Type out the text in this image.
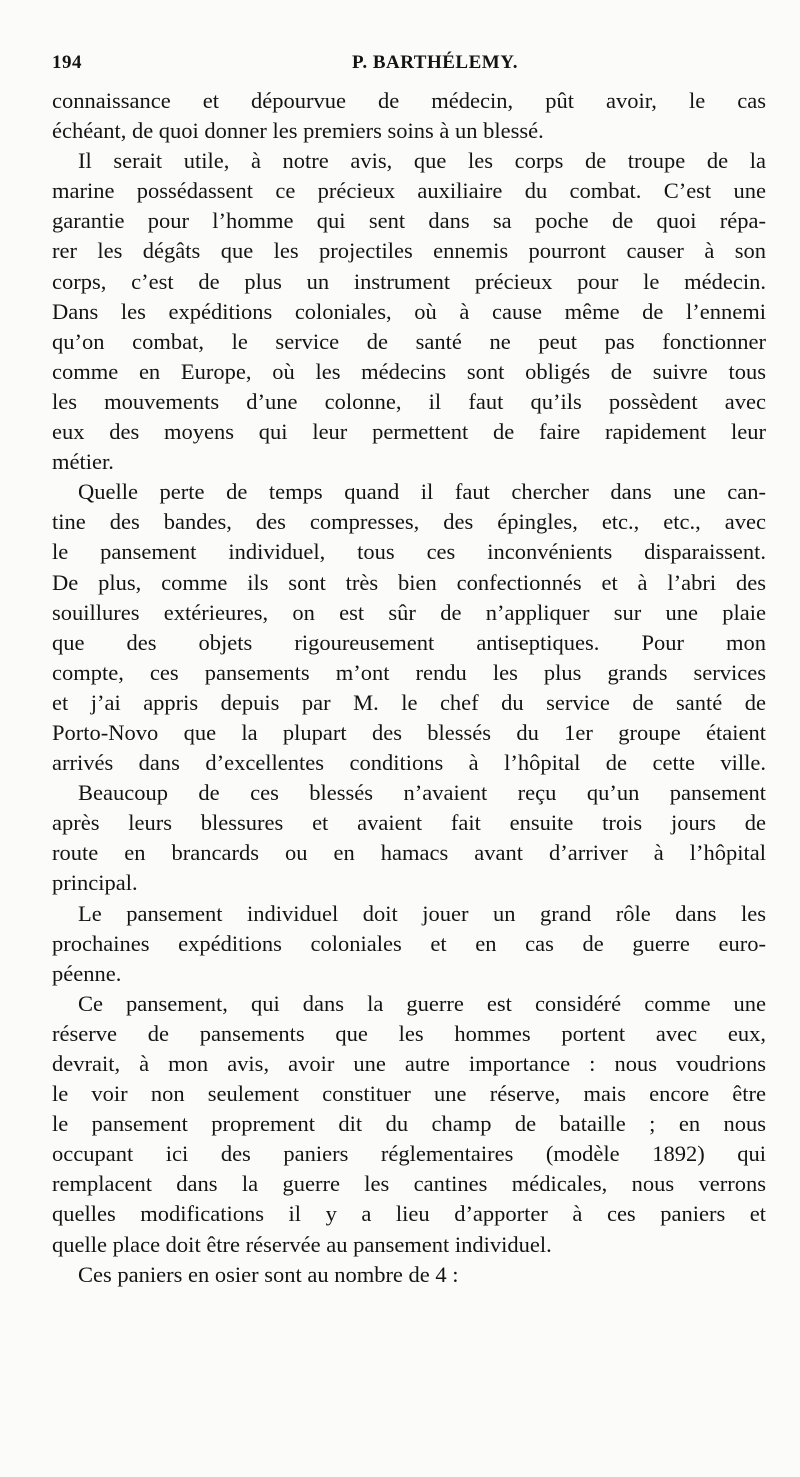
194	P. BARTHÉLEMY.
connaissance et dépourvue de médecin, pût avoir, le cas
échéant, de quoi donner les premiers soins à un blessé.
Il serait utile, à notre avis, que les corps de troupe de la
marine possédassent ce précieux auxiliaire du combat. C’est une
garantie pour l’homme qui sent dans sa poche de quoi répa-
rer les dégâts que les projectiles ennemis pourront causer à son
corps, c’est de plus un instrument précieux pour le médecin.
Dans les expéditions coloniales, où à cause même de l’ennemi
qu’on combat, le service de santé ne peut pas fonctionner
comme en Europe, où les médecins sont obligés de suivre tous
les mouvements d’une colonne, il faut qu’ils possèdent avec
eux des moyens qui leur permettent de faire rapidement leur
métier.
Quelle perte de temps quand il faut chercher dans une can-
tine des bandes, des compresses, des épingles, etc., etc., avec
le pansement individuel, tous ces inconvénients disparaissent.
De plus, comme ils sont très bien confectionnés et à l’abri des
souillures extérieures, on est sûr de n’appliquer sur une plaie
que des objets rigoureusement antiseptiques. Pour mon
compte, ces pansements m’ont rendu les plus grands services
et j’ai appris depuis par M. le chef du service de santé de
Porto-Novo que la plupart des blessés du 1er groupe étaient
arrivés dans d’excellentes conditions à l’hôpital de cette ville.
Beaucoup de ces blessés n’avaient reçu qu’un pansement
après leurs blessures et avaient fait ensuite trois jours de
route en brancards ou en hamacs avant d’arriver à l’hôpital
principal.
Le pansement individuel doit jouer un grand rôle dans les
prochaines expéditions coloniales et en cas de guerre euro-
péenne.
Ce pansement, qui dans la guerre est considéré comme une
réserve de pansements que les hommes portent avec eux,
devrait, à mon avis, avoir une autre importance : nous voudrions
le voir non seulement constituer une réserve, mais encore être
le pansement proprement dit du champ de bataille ; en nous
occupant ici des paniers réglementaires (modèle 1892) qui
remplacent dans la guerre les cantines médicales, nous verrons
quelles modifications il y a lieu d’apporter à ces paniers et
quelle place doit être réservée au pansement individuel.
Ces paniers en osier sont au nombre de 4 :
